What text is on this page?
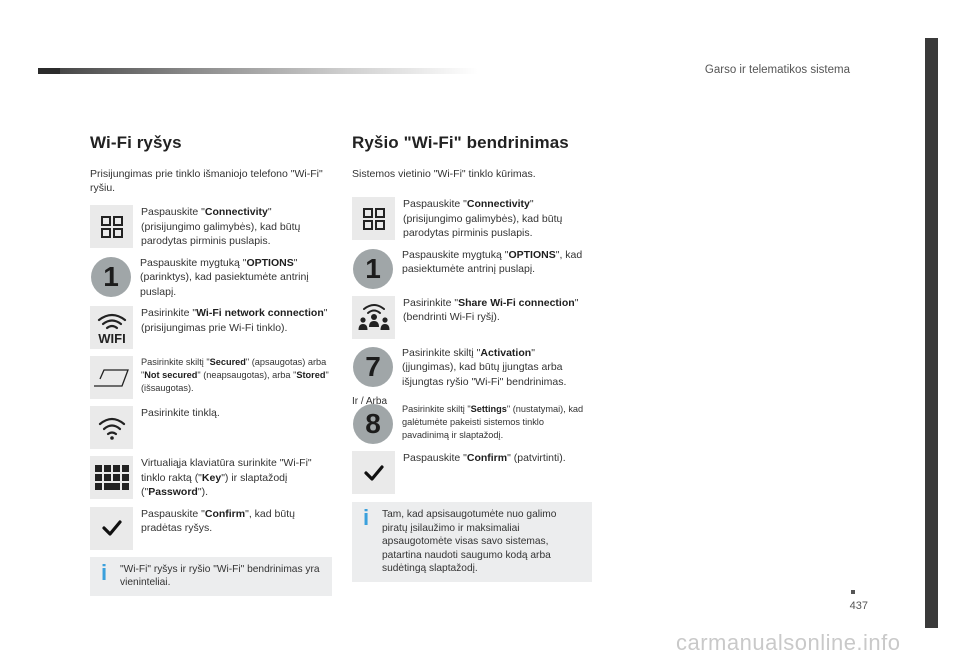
Garso ir telematikos sistema
437
Wi-Fi ryšys

Prisijungimas prie tinklo išmaniojo telefono "Wi-Fi" ryšiu.

Paspauskite "Connectivity" (prisijungimo galimybės), kad būtų parodytas pirminis puslapis.
1	Paspauskite mygtuką "OPTIONS" (parinktys), kad pasiektumėte antrinį puslapį.
WIFI
Pasirinkite "Wi-Fi network connection" (prisijungimas prie Wi-Fi tinklo).
Pasirinkite skiltį "Secured" (apsaugotas) arba "Not secured" (neapsaugotas), arba "Stored" (išsaugotas).
Pasirinkite tinklą.
Virtualiąja klaviatūra surinkite "Wi-Fi" tinklo raktą ("Key") ir slaptažodį ("Password").
Paspauskite "Confirm", kad būtų pradėtas ryšys.
i	"Wi-Fi" ryšys ir ryšio "Wi-Fi" bendrinimas yra vieninteliai.
Ryšio "Wi-Fi" bendrinimas

Sistemos vietinio "Wi-Fi" tinklo kūrimas.

Paspauskite "Connectivity" (prisijungimo galimybės), kad būtų parodytas pirminis puslapis.
1	Paspauskite mygtuką "OPTIONS", kad pasiektumėte antrinį puslapį.
Pasirinkite "Share Wi-Fi connection" (bendrinti Wi-Fi ryšį).
7	Pasirinkite skiltį "Activation" (įjungimas), kad būtų įjungtas arba išjungtas ryšio "Wi-Fi" bendrinimas.
8	Pasirinkite skiltį "Settings" (nustatymai), kad galėtumėte pakeisti sistemos tinklo pavadinimą ir slaptažodį.
Paspauskite "Confirm" (patvirtinti).
i	Tam, kad apsisaugotumėte nuo galimo piratų įsilaužimo ir maksimaliai apsaugotomėte visas savo sistemas, patartina naudoti saugumo kodą arba sudėtingą slaptažodį.
Ir / Arba
carmanualsonline.info
